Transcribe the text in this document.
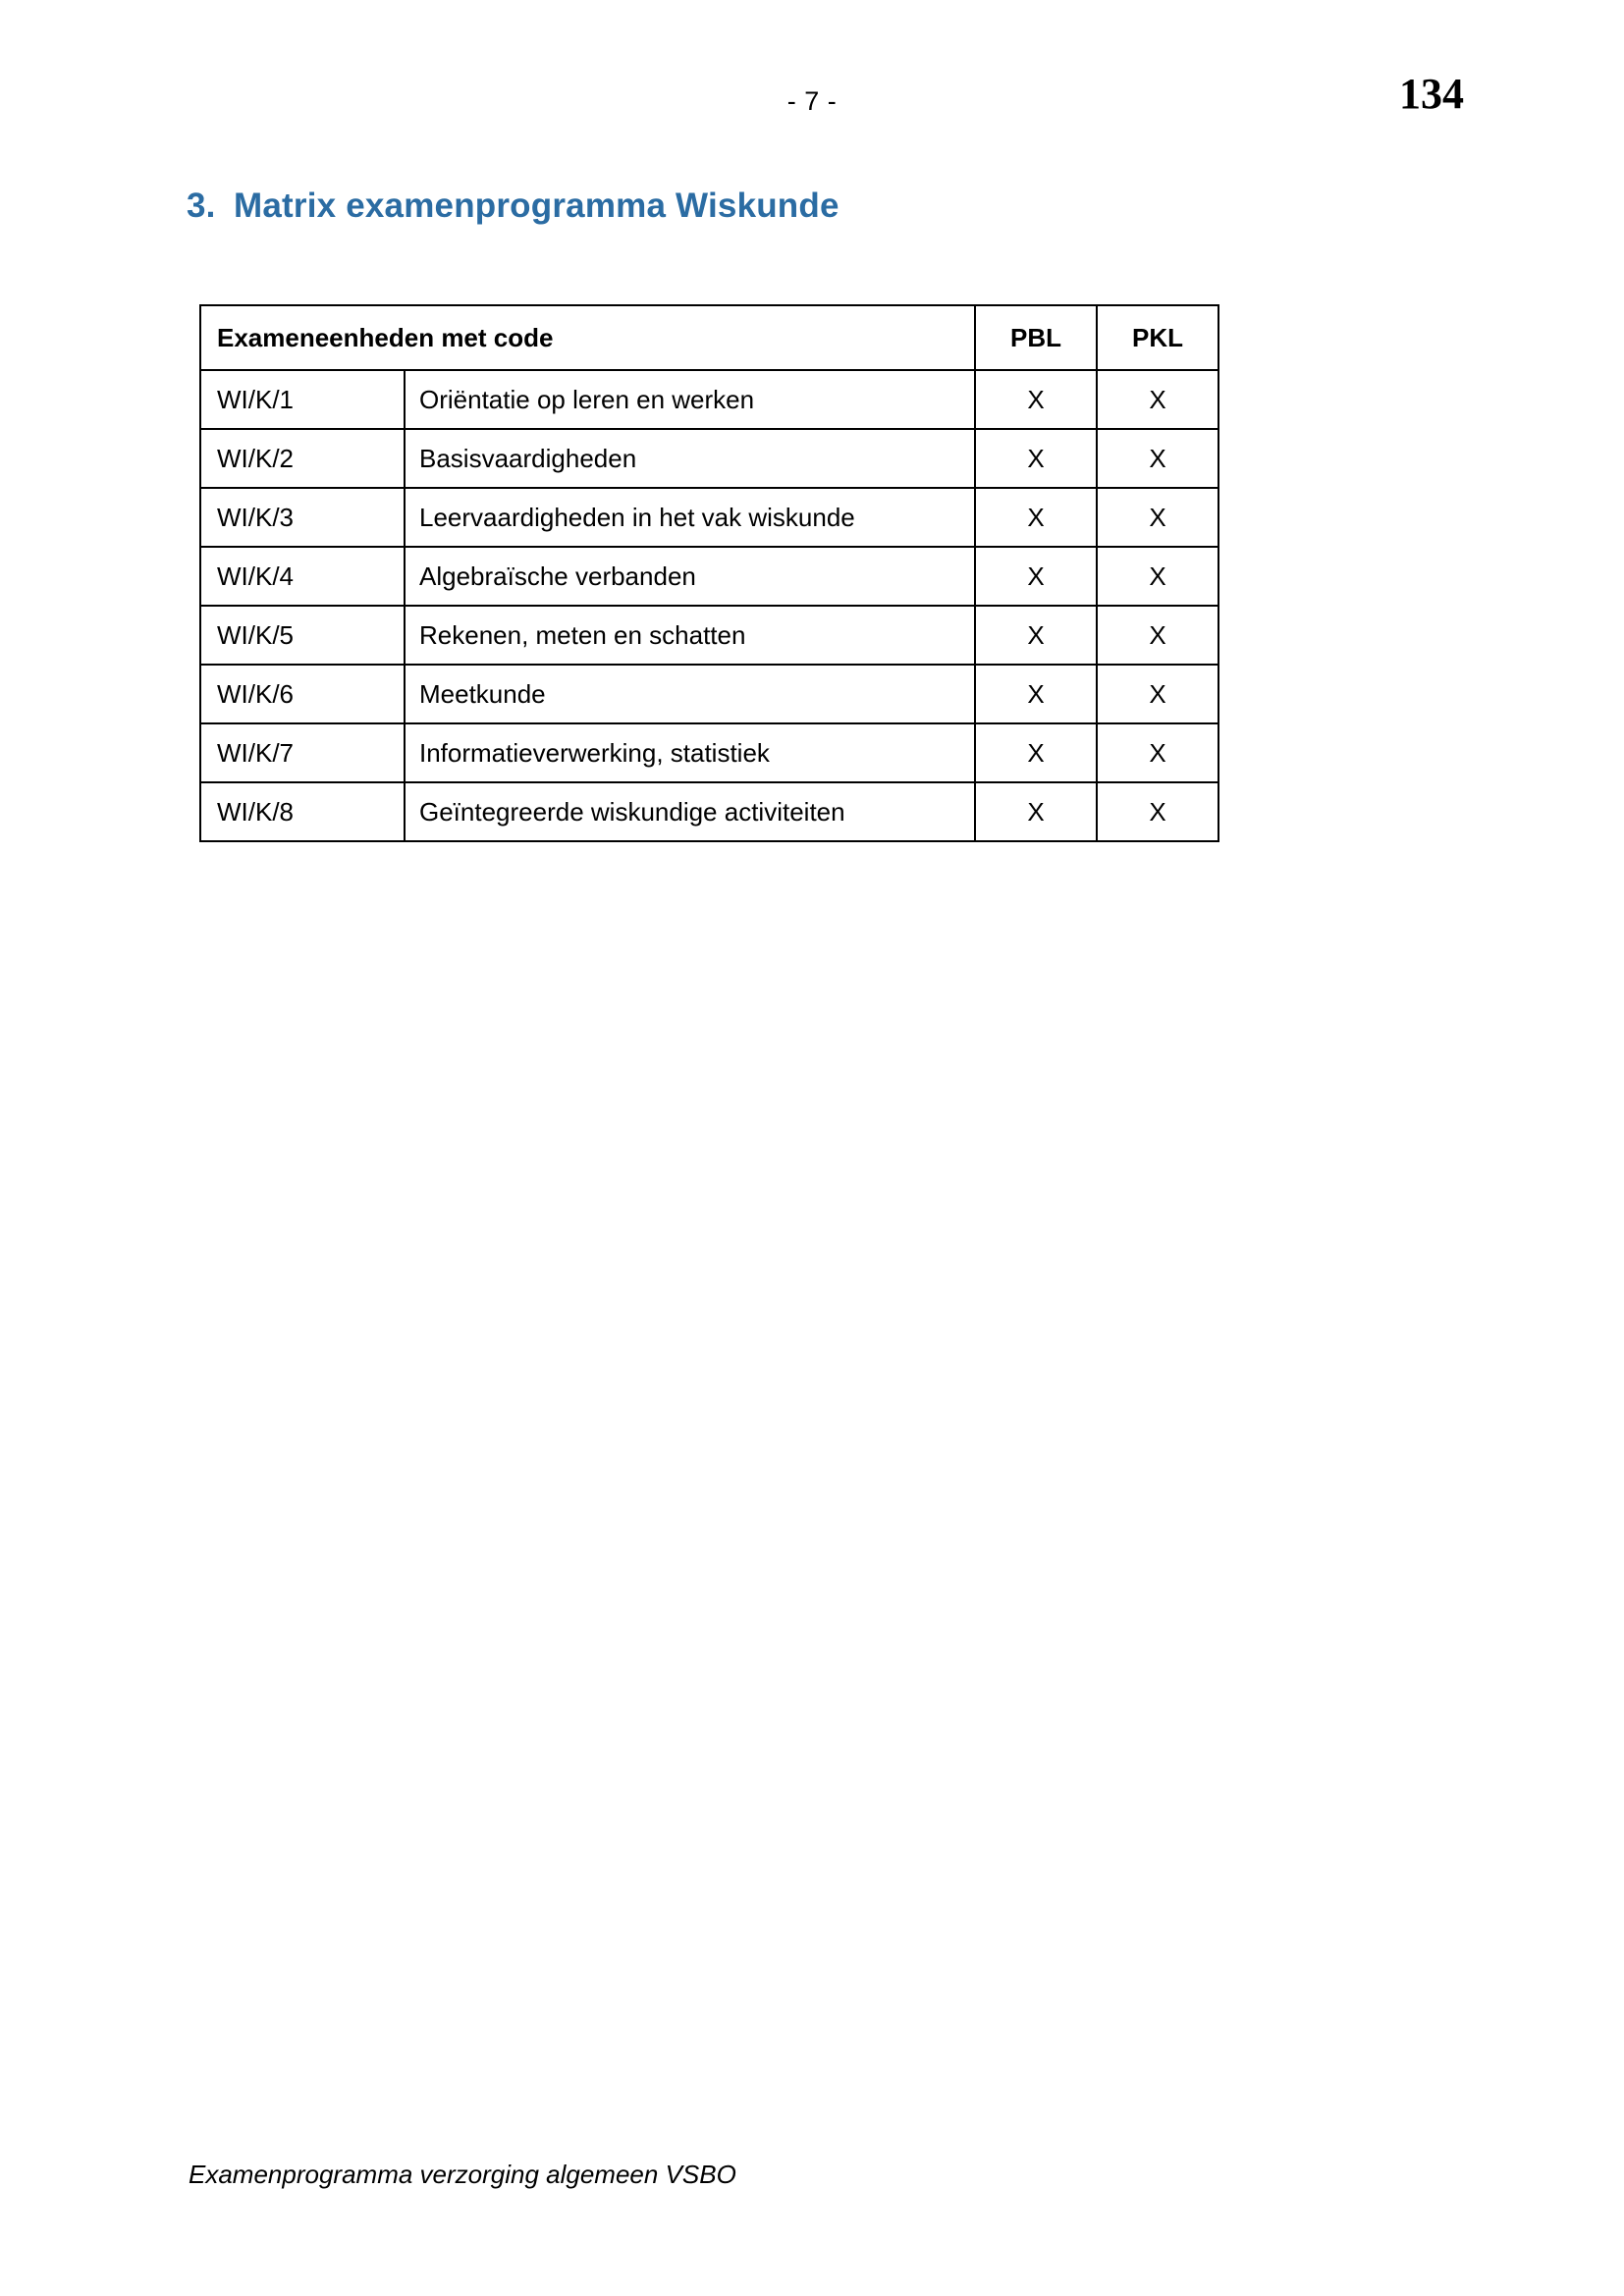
- 7 -	134
3. Matrix examenprogramma Wiskunde
Exameneenheden met code		PBL	PKL
WI/K/1	Oriëntatie op leren en werken	X	X
WI/K/2	Basisvaardigheden	X	X
WI/K/3	Leervaardigheden in het vak wiskunde	X	X
WI/K/4	Algebraïsche verbanden	X	X
WI/K/5	Rekenen, meten en schatten	X	X
WI/K/6	Meetkunde	X	X
WI/K/7	Informatieverwerking, statistiek	X	X
WI/K/8	Geïntegreerde wiskundige activiteiten	X	X
Examenprogramma verzorging algemeen VSBO
